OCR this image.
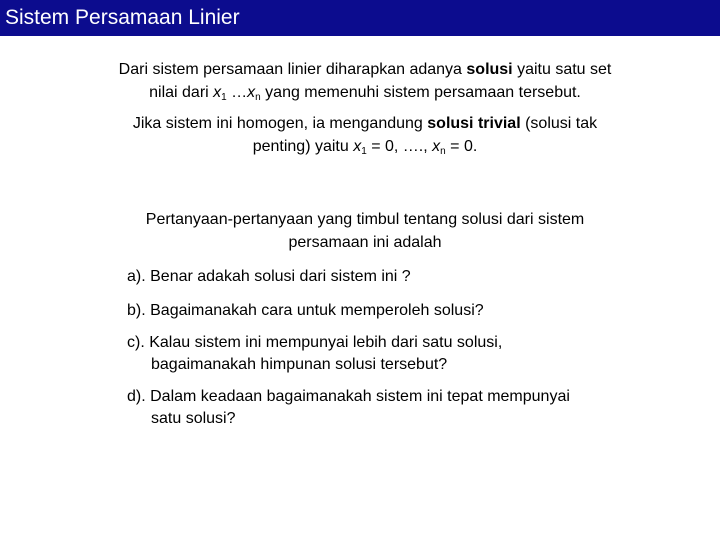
Sistem Persamaan Linier
Dari sistem persamaan linier diharapkan adanya solusi yaitu satu set
nilai dari $x_1$ $\dots x_n$ yang memenuhi sistem persamaan tersebut.
Jika sistem ini homogen, ia mengandung solusi trivial (solusi tak
penting) yaitu $x_1 = 0$, …., $x_n = 0$.
Pertanyaan-pertanyaan yang timbul tentang solusi dari sistem
persamaan ini adalah
a). Benar adakah solusi dari sistem ini ?
b). Bagaimanakah cara untuk memperoleh solusi?
c). Kalau sistem ini mempunyai lebih dari satu solusi,
bagaimanakah himpunan solusi tersebut?
d). Dalam keadaan bagaimanakah sistem ini tepat mempunyai
satu solusi?
